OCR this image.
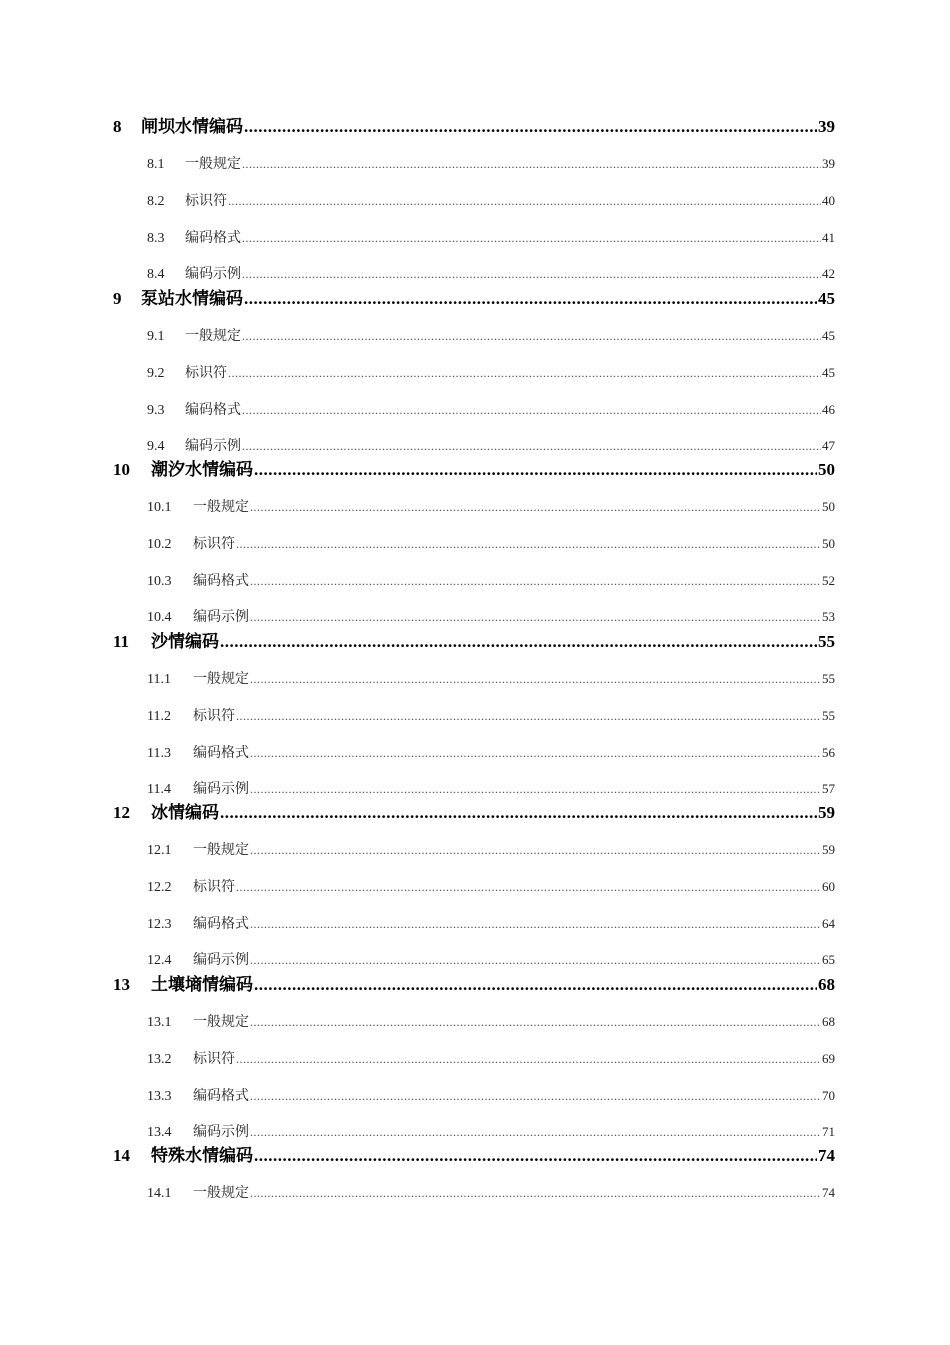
8	闸坝水情编码 .....	39
8.1	一般规定 .....	39
8.2	标识符 .....	40
8.3	编码格式 .....	41
8.4	编码示例 .....	42
9	泵站水情编码 .....	45
9.1	一般规定 .....	45
9.2	标识符 .....	45
9.3	编码格式 .....	46
9.4	编码示例 .....	47
10	潮汐水情编码 .....	50
10.1	一般规定 .....	50
10.2	标识符 .....	50
10.3	编码格式 .....	52
10.4	编码示例 .....	53
11	沙情编码 .....	55
11.1	一般规定 .....	55
11.2	标识符 .....	55
11.3	编码格式 .....	56
11.4	编码示例 .....	57
12	冰情编码 .....	59
12.1	一般规定 .....	59
12.2	标识符 .....	60
12.3	编码格式 .....	64
12.4	编码示例 .....	65
13	土壤墒情编码 .....	68
13.1	一般规定 .....	68
13.2	标识符 .....	69
13.3	编码格式 .....	70
13.4	编码示例 .....	71
14	特殊水情编码 .....	74
14.1	一般规定 .....	74
